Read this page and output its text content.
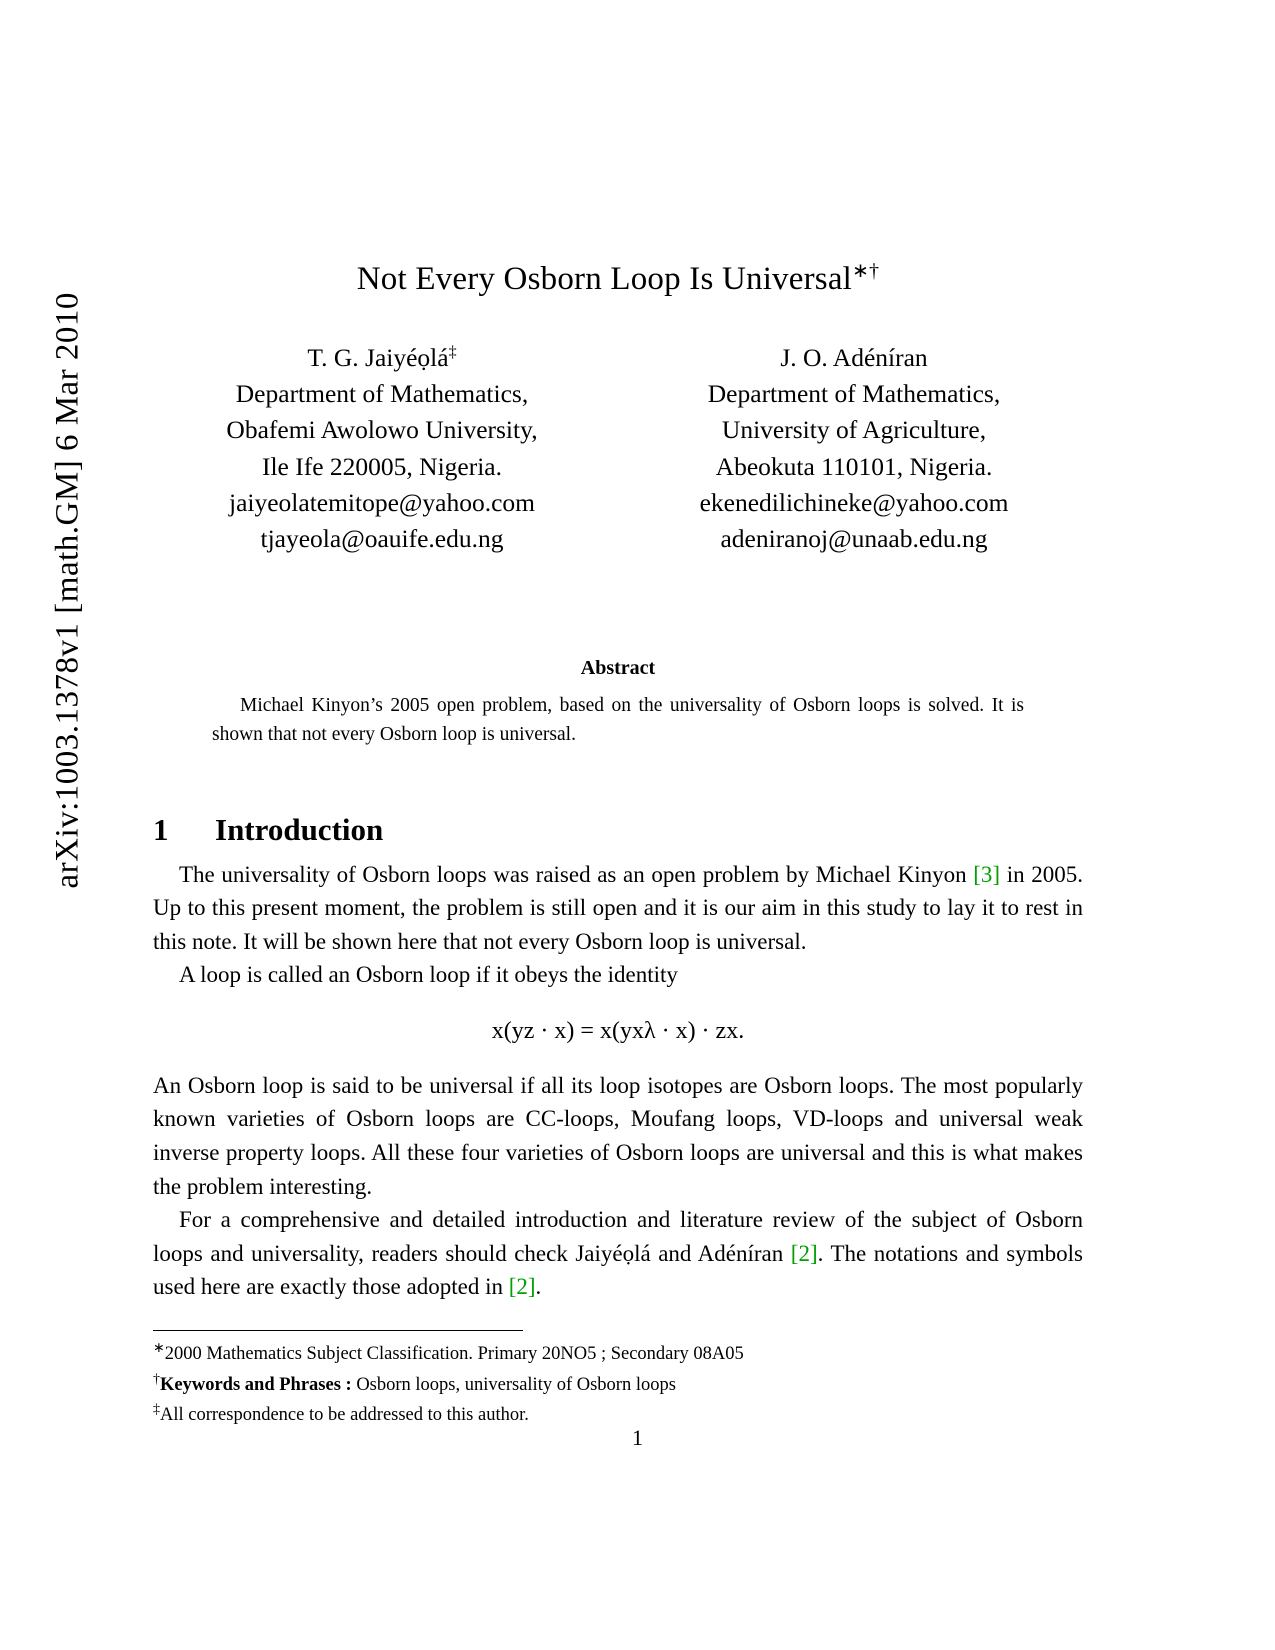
arXiv:1003.1378v1 [math.GM] 6 Mar 2010
Not Every Osborn Loop Is Universal∗†
T. G. Jaiyéọlá‡
Department of Mathematics,
Obafemi Awolowo University,
Ile Ife 220005, Nigeria.
jaiyeolatemitope@yahoo.com
tjayeola@oauife.edu.ng
J. O. Adéníran
Department of Mathematics,
University of Agriculture,
Abeokuta 110101, Nigeria.
ekenedilichineke@yahoo.com
adeniranoj@unaab.edu.ng
Abstract
Michael Kinyon’s 2005 open problem, based on the universality of Osborn loops is solved. It is shown that not every Osborn loop is universal.
1 Introduction

The universality of Osborn loops was raised as an open problem by Michael Kinyon [3] in 2005. Up to this present moment, the problem is still open and it is our aim in this study to lay it to rest in this note. It will be shown here that not every Osborn loop is universal.

A loop is called an Osborn loop if it obeys the identity

x(yz · x) = x(yxλ · x) · zx.

An Osborn loop is said to be universal if all its loop isotopes are Osborn loops. The most popularly known varieties of Osborn loops are CC-loops, Moufang loops, VD-loops and universal weak inverse property loops. All these four varieties of Osborn loops are universal and this is what makes the problem interesting.

For a comprehensive and detailed introduction and literature review of the subject of Osborn loops and universality, readers should check Jaiyéọlá and Adéníran [2]. The notations and symbols used here are exactly those adopted in [2].

∗2000 Mathematics Subject Classification. Primary 20NO5 ; Secondary 08A05
†Keywords and Phrases : Osborn loops, universality of Osborn loops
‡All correspondence to be addressed to this author.
1
